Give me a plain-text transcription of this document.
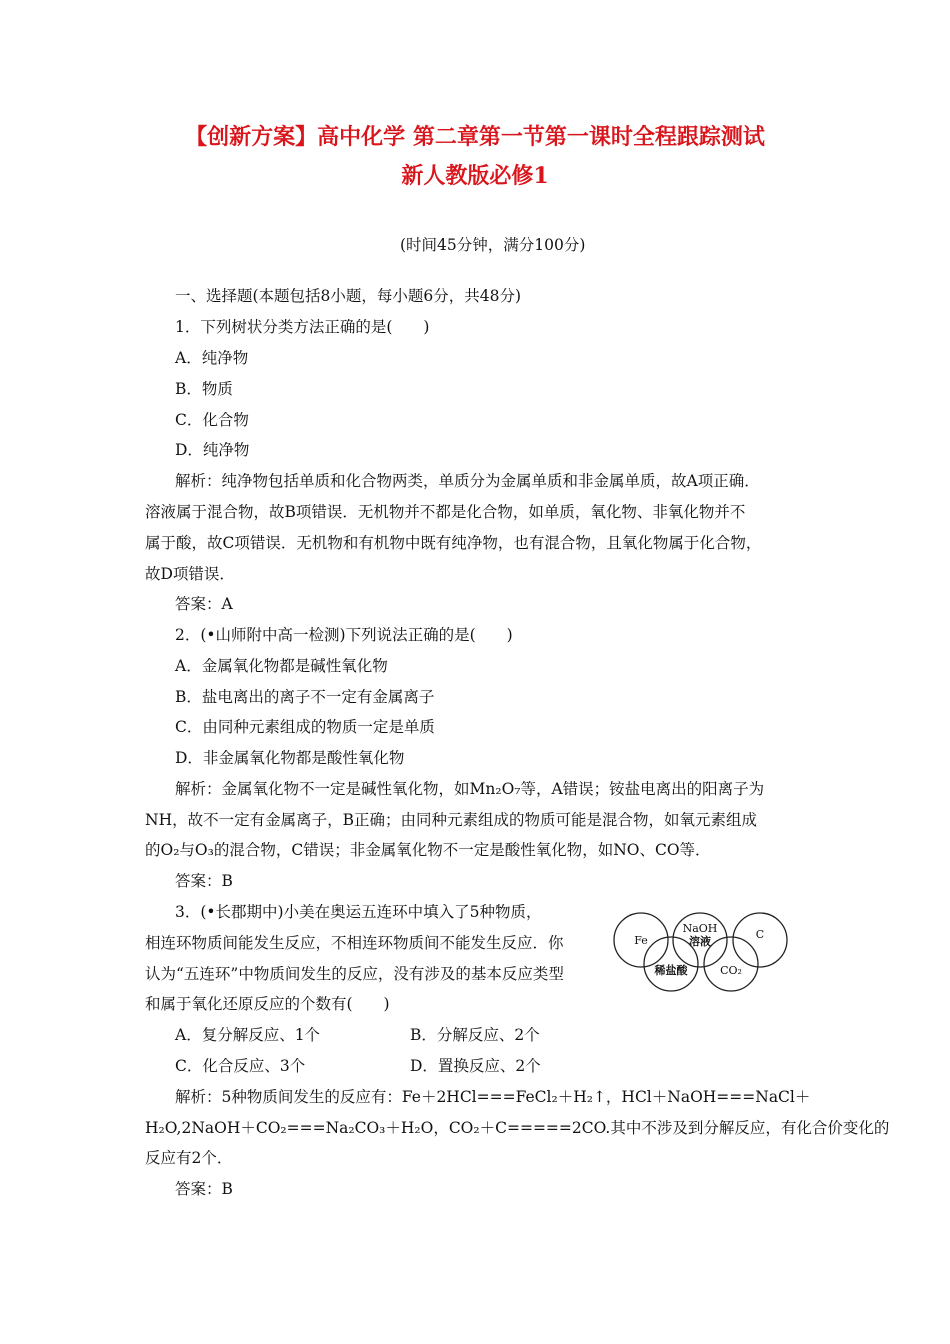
【创新方案】高中化学 第二章第一节第一课时全程跟踪测试
新人教版必修1
(时间45分钟，满分100分)
一、选择题(本题包括8小题，每小题6分，共48分)
1．下列树状分类方法正确的是(　　)
A．纯净物
B．物质
C．化合物
D．纯净物
解析：纯净物包括单质和化合物两类，单质分为金属单质和非金属单质，故A项正确．
溶液属于混合物，故B项错误．无机物并不都是化合物，如单质，氧化物、非氧化物并不
属于酸，故C项错误．无机物和有机物中既有纯净物，也有混合物，且氧化物属于化合物，
故D项错误．
答案：A
2．(•山师附中高一检测)下列说法正确的是(　　)
A．金属氧化物都是碱性氧化物
B．盐电离出的离子不一定有金属离子
C．由同种元素组成的物质一定是单质
D．非金属氧化物都是酸性氧化物
解析：金属氧化物不一定是碱性氧化物，如Mn₂O₇等，A错误；铵盐电离出的阳离子为
NH，故不一定有金属离子，B正确；由同种元素组成的物质可能是混合物，如氧元素组成
的O₂与O₃的混合物，C错误；非金属氧化物不一定是酸性氧化物，如NO、CO等．
答案：B
3．(•长郡期中)小美在奥运五连环中填入了5种物质，
相连环物质间能发生反应，不相连环物质间不能发生反应．你
认为“五连环”中物质间发生的反应，没有涉及的基本反应类型
和属于氧化还原反应的个数有(　　)
Fe
NaOH
溶液
C
稀盐酸	CO₂
A．复分解反应、1个	B．分解反应、2个
C．化合反应、3个	D．置换反应、2个
解析：5种物质间发生的反应有：Fe＋2HCl===FeCl₂＋H₂↑，HCl＋NaOH===NaCl＋
H₂O,2NaOH＋CO₂===Na₂CO₃＋H₂O，CO₂＋C=====2CO.其中不涉及到分解反应，有化合价变化的
反应有2个．
答案：B
